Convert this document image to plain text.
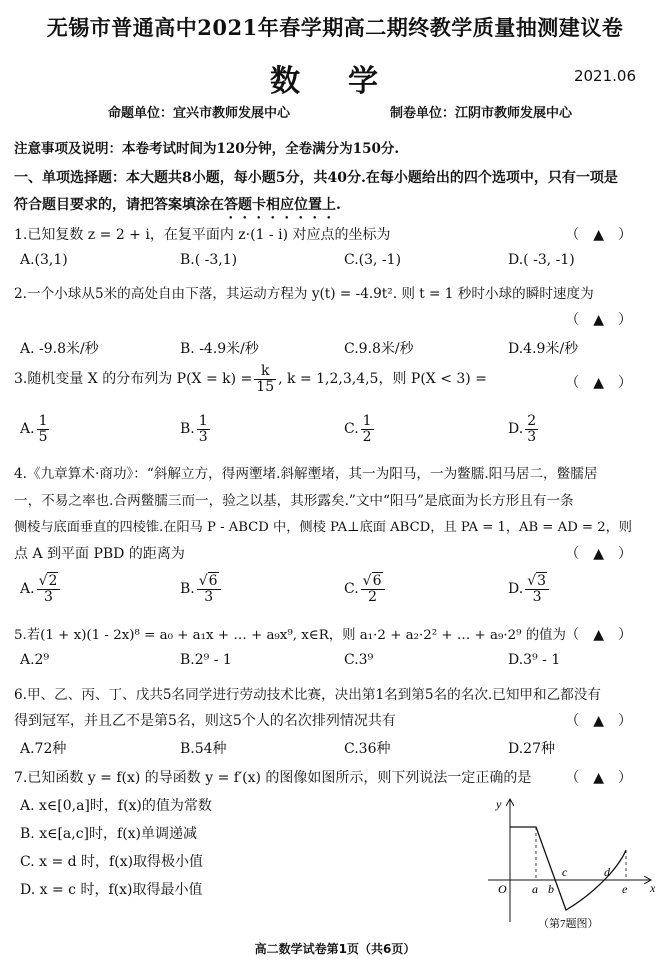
无锡市普通高中2021年春学期高二期终教学质量抽测建议卷
数学	2021.06
命题单位：宜兴市教师发展中心	制卷单位：江阴市教师发展中心
注意事项及说明：本卷考试时间为120分钟，全卷满分为150分.
一、单项选择题：本大题共8小题，每小题5分，共40分.在每小题给出的四个选项中，只有一项是
符合题目要求的，请把答案填涂在答题卡相应位置上.
1.已知复数 z = 2 + i，在复平面内 z·(1 - i) 对应点的坐标为	（　▲　）
A.(3,1)	B.( -3,1)	C.(3, -1)	D.( -3, -1)
2.一个小球从5米的高处自由下落，其运动方程为 y(t) = -4.9t². 则 t = 1 秒时小球的瞬时速度为
（　▲　）
A. -9.8米/秒	B. -4.9米/秒	C.9.8米/秒	D.4.9米/秒
3.随机变量 X 的分布列为 $P(X = k) = \frac{k}{15}$ , k = 1,2,3,4,5，则 P(X < 3) =	（　▲　）
A. $\frac{1}{5}$	B. $\frac{1}{3}$	C. $\frac{1}{2}$	D. $\frac{2}{3}$
4.《九章算术·商功》：“斜解立方，得两壍堵.斜解壍堵，其一为阳马，一为鳖臑.阳马居二，鳖臑居
一，不易之率也.合两鳖臑三而一，验之以基，其形露矣.”文中“阳马”是底面为长方形且有一条
侧棱与底面垂直的四棱锥.在阳马 P - ABCD 中，侧棱 PA⊥底面 ABCD，且 PA = 1，AB = AD = 2，则
点 A 到平面 PBD 的距离为	（　▲　）
A. $\frac{√2}{3}$	B. $\frac{√6}{3}$	C. $\frac{√6}{2}$	D. $\frac{√3}{3}$
5.若(1 + x)(1 - 2x)⁸ = a₀ + a₁x + … + a₉x⁹, x∈R，则 a₁·2 + a₂·2² + … + a₉·2⁹ 的值为 （　▲　）
A.2⁹	B.2⁹ - 1	C.3⁹	D.3⁹ - 1
6.甲、乙、丙、丁、戊共5名同学进行劳动技术比赛，决出第1名到第5名的名次.已知甲和乙都没有
得到冠军，并且乙不是第5名，则这5个人的名次排列情况共有	（　▲　）
A.72种	B.54种	C.36种	D.27种
7.已知函数 y = f(x) 的导函数 y = f′(x) 的图像如图所示，则下列说法一定正确的是 （　▲　）
A. x∈[0,a]时，f(x)的值为常数
B. x∈[a,c]时，f(x)单调递减
C. x = d 时，f(x)取得极小值
D. x = c 时，f(x)取得最小值
y
x
O a b
c	d
e
（第7题图）
高二数学试卷第1页（共6页）
